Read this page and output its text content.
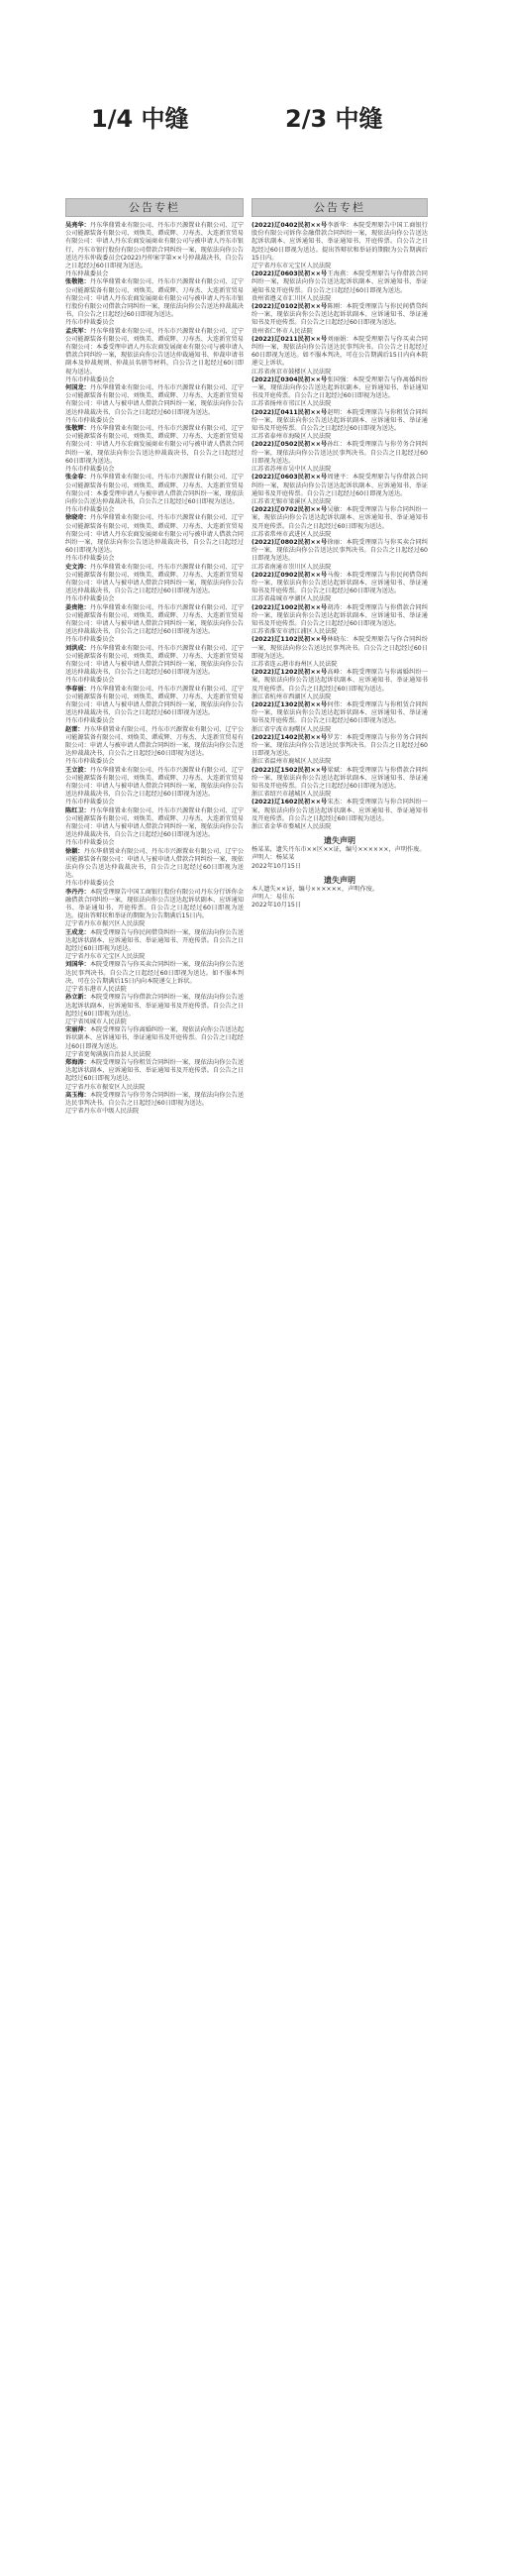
1/4 中缝	2/3 中缝
公告专栏
吴亮华：丹东华鼎置业有限公司、丹东市兴源置业有限公司、辽宁公司能源装备有限公司、刘焕美、谭成辉、刀寿杰、大连新宜贸易有限公司：申请人丹东农商发展商业有限公司与被申请人丹东市银行、丹东市银行股份有限公司借款合同纠纷一案，现依法向你公告送达丹东仲裁委员会(2022)丹仲案字第××号仲裁裁决书，自公告之日起经过60日即视为送达。
丹东仲裁委员会
张敬艳：丹东华鼎置业有限公司、丹东市兴源置业有限公司、辽宁公司能源装备有限公司、刘焕美、谭成辉、刀寿杰、大连新宜贸易有限公司：申请人丹东农商发展商业有限公司与被申请人丹东市银行股份有限公司借款合同纠纷一案，现依法向你公告送达仲裁裁决书，自公告之日起经过60日即视为送达。
丹东市仲裁委员会
孟庆军：丹东华鼎置业有限公司、丹东市兴源置业有限公司、辽宁公司能源装备有限公司、刘焕美、谭成辉、刀寿杰、大连新宜贸易有限公司：本委受理申请人丹东农商发展商业有限公司与被申请人借款合同纠纷一案，现依法向你公告送达仲裁通知书、仲裁申请书副本及仲裁规则、仲裁员名册等材料，自公告之日起经过60日即视为送达。
丹东市仲裁委员会
何国龙：丹东华鼎置业有限公司、丹东市兴源置业有限公司、辽宁公司能源装备有限公司、刘焕美、谭成辉、刀寿杰、大连新宜贸易有限公司：申请人与被申请人借款合同纠纷一案，现依法向你公告送达仲裁裁决书，自公告之日起经过60日即视为送达。
丹东市仲裁委员会
张敬辉：丹东华鼎置业有限公司、丹东市兴源置业有限公司、辽宁公司能源装备有限公司、刘焕美、谭成辉、刀寿杰、大连新宜贸易有限公司：申请人丹东农商发展商业有限公司与被申请人借款合同纠纷一案，现依法向你公告送达仲裁裁决书，自公告之日起经过60日即视为送达。
丹东市仲裁委员会
张金春：丹东华鼎置业有限公司、丹东市兴源置业有限公司、辽宁公司能源装备有限公司、刘焕美、谭成辉、刀寿杰、大连新宜贸易有限公司：本委受理申请人与被申请人借款合同纠纷一案，现依法向你公告送达仲裁裁决书，自公告之日起经过60日即视为送达。
丹东市仲裁委员会
徐晓奇：丹东华鼎置业有限公司、丹东市兴源置业有限公司、辽宁公司能源装备有限公司、刘焕美、谭成辉、刀寿杰、大连新宜贸易有限公司：申请人丹东农商发展商业有限公司与被申请人借款合同纠纷一案，现依法向你公告送达仲裁裁决书，自公告之日起经过60日即视为送达。
丹东市仲裁委员会
史文涛：丹东华鼎置业有限公司、丹东市兴源置业有限公司、辽宁公司能源装备有限公司、刘焕美、谭成辉、刀寿杰、大连新宜贸易有限公司：申请人与被申请人借款合同纠纷一案，现依法向你公告送达仲裁裁决书，自公告之日起经过60日即视为送达。
丹东市仲裁委员会
姜贵艳：丹东华鼎置业有限公司、丹东市兴源置业有限公司、辽宁公司能源装备有限公司、刘焕美、谭成辉、刀寿杰、大连新宜贸易有限公司：申请人与被申请人借款合同纠纷一案，现依法向你公告送达仲裁裁决书，自公告之日起经过60日即视为送达。
丹东市仲裁委员会
刘洪成：丹东华鼎置业有限公司、丹东市兴源置业有限公司、辽宁公司能源装备有限公司、刘焕美、谭成辉、刀寿杰、大连新宜贸易有限公司：申请人与被申请人借款合同纠纷一案，现依法向你公告送达仲裁裁决书，自公告之日起经过60日即视为送达。
丹东市仲裁委员会
李春丽：丹东华鼎置业有限公司、丹东市兴源置业有限公司、辽宁公司能源装备有限公司、刘焕美、谭成辉、刀寿杰、大连新宜贸易有限公司：申请人与被申请人借款合同纠纷一案，现依法向你公告送达仲裁裁决书，自公告之日起经过60日即视为送达。
丹东市仲裁委员会
赵雷：丹东华鼎置业有限公司、丹东市兴源置业有限公司、辽宁公司能源装备有限公司、刘焕美、谭成辉、刀寿杰、大连新宜贸易有限公司：申请人与被申请人借款合同纠纷一案，现依法向你公告送达仲裁裁决书，自公告之日起经过60日即视为送达。
丹东市仲裁委员会
王立波：丹东华鼎置业有限公司、丹东市兴源置业有限公司、辽宁公司能源装备有限公司、刘焕美、谭成辉、刀寿杰、大连新宜贸易有限公司：申请人与被申请人借款合同纠纷一案，现依法向你公告送达仲裁裁决书，自公告之日起经过60日即视为送达。
丹东市仲裁委员会
陈红卫：丹东华鼎置业有限公司、丹东市兴源置业有限公司、辽宁公司能源装备有限公司、刘焕美、谭成辉、刀寿杰、大连新宜贸易有限公司：申请人与被申请人借款合同纠纷一案，现依法向你公告送达仲裁裁决书，自公告之日起经过60日即视为送达。
丹东市仲裁委员会
徐颖：丹东华鼎置业有限公司、丹东市兴源置业有限公司、辽宁公司能源装备有限公司：申请人与被申请人借款合同纠纷一案，现依法向你公告送达仲裁裁决书，自公告之日起经过60日即视为送达。
丹东市仲裁委员会
李丹丹：本院受理原告中国工商银行股份有限公司丹东分行诉你金融借款合同纠纷一案，现依法向你公告送达起诉状副本、应诉通知书、举证通知书、开庭传票。自公告之日起经过60日即视为送达。提出答辩状和举证的期限为公告期满后15日内。
辽宁省丹东市振兴区人民法院
王成龙：本院受理原告与你民间借贷纠纷一案，现依法向你公告送达起诉状副本、应诉通知书、举证通知书、开庭传票。自公告之日起经过60日即视为送达。
辽宁省丹东市元宝区人民法院
刘国华：本院受理原告与你买卖合同纠纷一案，现依法向你公告送达民事判决书。自公告之日起经过60日即视为送达。如不服本判决，可在公告期满后15日内向本院递交上诉状。
辽宁省东港市人民法院
孙立新：本院受理原告与你借款合同纠纷一案，现依法向你公告送达起诉状副本、应诉通知书、举证通知书及开庭传票。自公告之日起经过60日即视为送达。
辽宁省凤城市人民法院
宋丽萍：本院受理原告与你离婚纠纷一案，现依法向你公告送达起诉状副本、应诉通知书、举证通知书及开庭传票。自公告之日起经过60日即视为送达。
辽宁省宽甸满族自治县人民法院
郑海涛：本院受理原告与你租赁合同纠纷一案，现依法向你公告送达起诉状副本、应诉通知书、举证通知书及开庭传票。自公告之日起经过60日即视为送达。
辽宁省丹东市振安区人民法院
高玉梅：本院受理原告与你劳务合同纠纷一案，现依法向你公告送达民事判决书。自公告之日起经过60日即视为送达。
辽宁省丹东市中级人民法院
公告专栏
(2022)辽0402民初××号李新华：本院受理原告中国工商银行股份有限公司诉你金融借款合同纠纷一案，现依法向你公告送达起诉状副本、应诉通知书、举证通知书、开庭传票。自公告之日起经过60日即视为送达。提出答辩状和举证的期限为公告期满后15日内。
辽宁省丹东市元宝区人民法院
(2022)辽0603民初××号王海燕：本院受理原告与你借款合同纠纷一案，现依法向你公告送达起诉状副本、应诉通知书、举证通知书及开庭传票。自公告之日起经过60日即视为送达。
贵州省遵义市汇川区人民法院
(2022)辽0102民初××号陈刚：本院受理原告与你民间借贷纠纷一案，现依法向你公告送达起诉状副本、应诉通知书、举证通知书及开庭传票。自公告之日起经过60日即视为送达。
贵州省仁怀市人民法院
(2022)辽0211民初××号刘丽娟：本院受理原告与你买卖合同纠纷一案，现依法向你公告送达民事判决书。自公告之日起经过60日即视为送达。如不服本判决，可在公告期满后15日内向本院递交上诉状。
江苏省南京市鼓楼区人民法院
(2022)辽0304民初××号张国强：本院受理原告与你离婚纠纷一案，现依法向你公告送达起诉状副本、应诉通知书、举证通知书及开庭传票。自公告之日起经过60日即视为送达。
江苏省扬州市邗江区人民法院
(2022)辽0411民初××号赵明：本院受理原告与你租赁合同纠纷一案，现依法向你公告送达起诉状副本、应诉通知书、举证通知书及开庭传票。自公告之日起经过60日即视为送达。
江苏省泰州市海陵区人民法院
(2022)辽0502民初××号孙红：本院受理原告与你劳务合同纠纷一案，现依法向你公告送达民事判决书。自公告之日起经过60日即视为送达。
江苏省苏州市吴中区人民法院
(2022)辽0603民初××号周建平：本院受理原告与你借款合同纠纷一案，现依法向你公告送达起诉状副本、应诉通知书、举证通知书及开庭传票。自公告之日起经过60日即视为送达。
江苏省无锡市梁溪区人民法院
(2022)辽0702民初××号吴敏：本院受理原告与你合同纠纷一案，现依法向你公告送达起诉状副本、应诉通知书、举证通知书及开庭传票。自公告之日起经过60日即视为送达。
江苏省常州市武进区人民法院
(2022)辽0802民初××号徐丽：本院受理原告与你买卖合同纠纷一案，现依法向你公告送达民事判决书。自公告之日起经过60日即视为送达。
江苏省南通市崇川区人民法院
(2022)辽0902民初××号马俊：本院受理原告与你民间借贷纠纷一案，现依法向你公告送达起诉状副本、应诉通知书、举证通知书及开庭传票。自公告之日起经过60日即视为送达。
江苏省盐城市亭湖区人民法院
(2022)辽1002民初××号胡涛：本院受理原告与你借款合同纠纷一案，现依法向你公告送达起诉状副本、应诉通知书、举证通知书及开庭传票。自公告之日起经过60日即视为送达。
江苏省淮安市清江浦区人民法院
(2022)辽1102民初××号林晓东：本院受理原告与你合同纠纷一案，现依法向你公告送达民事判决书。自公告之日起经过60日即视为送达。
江苏省连云港市海州区人民法院
(2022)辽1202民初××号高峰：本院受理原告与你离婚纠纷一案，现依法向你公告送达起诉状副本、应诉通知书、举证通知书及开庭传票。自公告之日起经过60日即视为送达。
浙江省杭州市西湖区人民法院
(2022)辽1302民初××号何伟：本院受理原告与你租赁合同纠纷一案，现依法向你公告送达起诉状副本、应诉通知书、举证通知书及开庭传票。自公告之日起经过60日即视为送达。
浙江省宁波市海曙区人民法院
(2022)辽1402民初××号罗芳：本院受理原告与你劳务合同纠纷一案，现依法向你公告送达民事判决书。自公告之日起经过60日即视为送达。
浙江省温州市鹿城区人民法院
(2022)辽1502民初××号梁斌：本院受理原告与你借款合同纠纷一案，现依法向你公告送达起诉状副本、应诉通知书、举证通知书及开庭传票。自公告之日起经过60日即视为送达。
浙江省绍兴市越城区人民法院
(2022)辽1602民初××号宋杰：本院受理原告与你合同纠纷一案，现依法向你公告送达起诉状副本、应诉通知书、举证通知书及开庭传票。自公告之日起经过60日即视为送达。
浙江省金华市婺城区人民法院
遗失声明
杨某某，遗失丹东市××区××证，编号××××××，声明作废。
声明人：杨某某
2022年10月15日
遗失声明
本人遗失××证，编号××××××，声明作废。
声明人：易佳东
2022年10月15日
